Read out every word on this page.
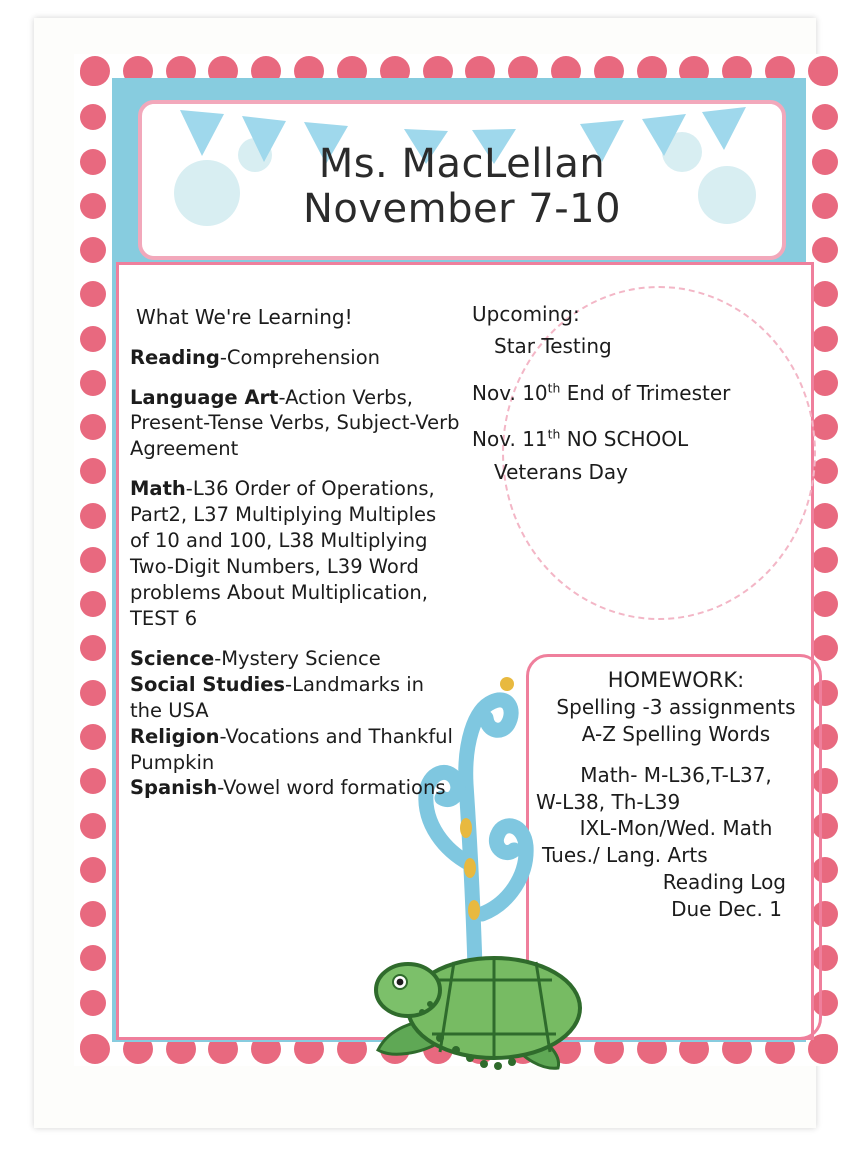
Ms. MacLellan
November 7-10
What We're Learning!

Reading-Comprehension

Language Art-Action Verbs, Present-Tense Verbs, Subject-Verb Agreement

Math-L36 Order of Operations, Part2, L37 Multiplying Multiples of 10 and 100, L38 Multiplying Two-Digit Numbers, L39 Word problems About Multiplication, TEST 6

Science-Mystery Science

Social Studies-Landmarks in the USA

Religion-Vocations and Thankful Pumpkin

Spanish-Vowel word formations

Upcoming:

Star Testing

Nov. 10th End of Trimester

Nov. 11th NO SCHOOL

Veterans Day

HOMEWORK:
Spelling -3 assignments
A-Z Spelling Words

Math- M-L36,T-L37,
W-L38, Th-L39
IXL-Mon/Wed. Math
Tues./ Lang. Arts
Reading Log
Due Dec. 1
